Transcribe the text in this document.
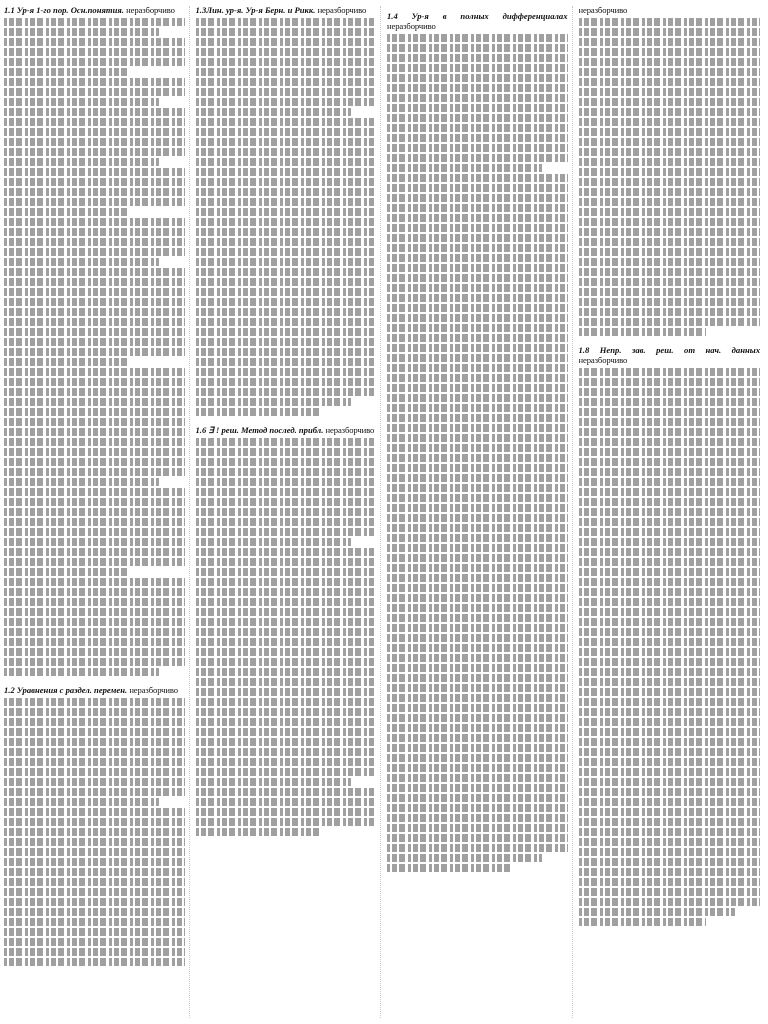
1.1 Ур-я 1-го пор. Осн.понятия. неразборчиво
1.2 Уравнения с раздел. перемен. неразборчиво
1.3Лин. ур-я. Ур-я Берн. и Рикк. неразборчиво
1.6 ∃ ! реш. Метод послед. прибл. неразборчиво
1.4 Ур-я в полных дифференциалах неразборчиво
неразборчиво
1.8 Непр. зав. реш. от нач. данных неразборчиво
